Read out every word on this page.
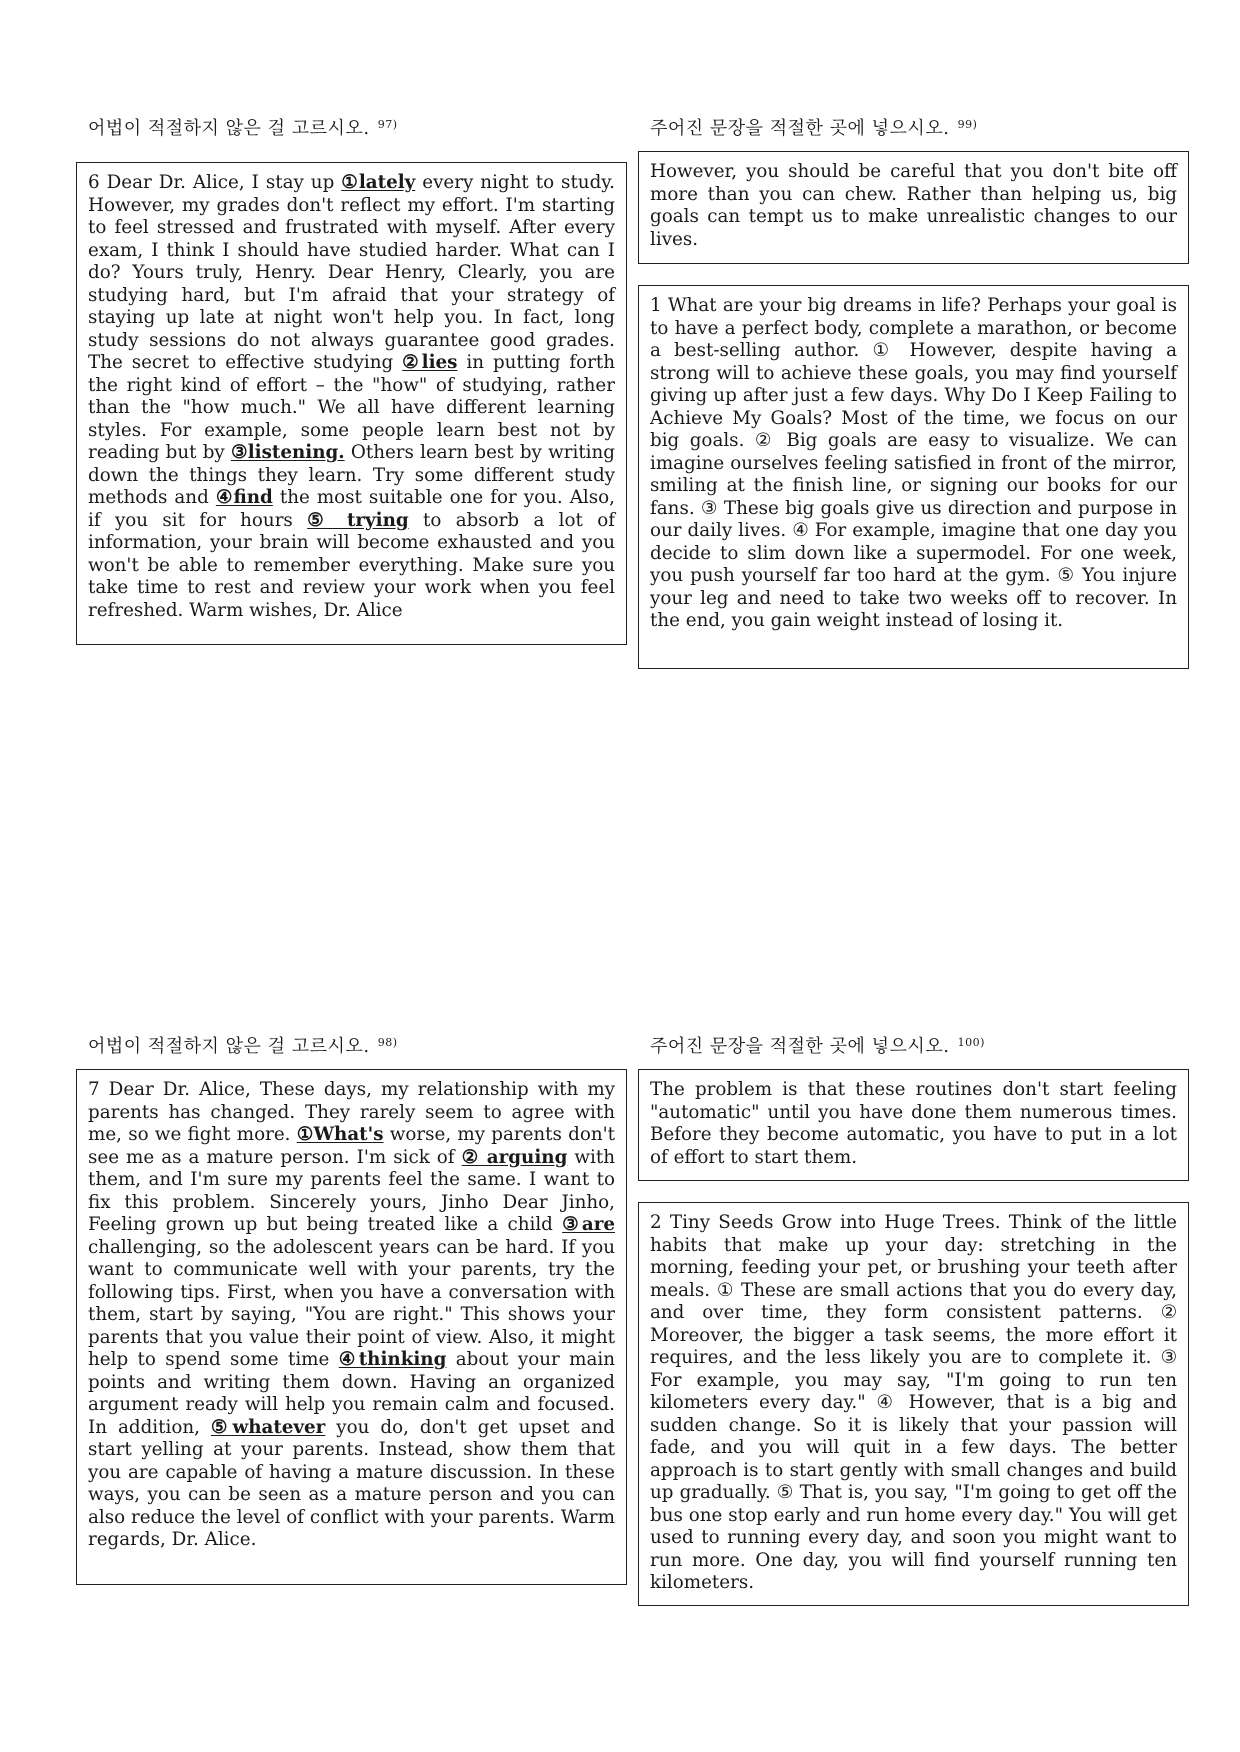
어법이 적절하지 않은 걸 고르시오. $^{97)}$
6 Dear Dr. Alice, I stay up ①lately every night to study. However, my grades don't reflect my effort. I'm starting to feel stressed and frustrated with myself. After every exam, I think I should have studied harder. What can I do? Yours truly, Henry. Dear Henry, Clearly, you are studying hard, but I'm afraid that your strategy of staying up late at night won't help you. In fact, long study sessions do not always guarantee good grades. The secret to effective studying ②lies in putting forth the right kind of effort – the "how" of studying, rather than the "how much." We all have different learning styles. For example, some people learn best not by reading but by ③listening. Others learn best by writing down the things they learn. Try some different study methods and ④find the most suitable one for you. Also, if you sit for hours ⑤ trying to absorb a lot of information, your brain will become exhausted and you won't be able to remember everything. Make sure you take time to rest and review your work when you feel refreshed. Warm wishes, Dr. Alice
주어진 문장을 적절한 곳에 넣으시오. $^{99)}$
However, you should be careful that you don't bite off more than you can chew. Rather than helping us, big goals can tempt us to make unrealistic changes to our lives.
1 What are your big dreams in life? Perhaps your goal is to have a perfect body, complete a marathon, or become a best-selling author. ① However, despite having a strong will to achieve these goals, you may find yourself giving up after just a few days. Why Do I Keep Failing to Achieve My Goals? Most of the time, we focus on our big goals. ② Big goals are easy to visualize. We can imagine ourselves feeling satisfied in front of the mirror, smiling at the finish line, or signing our books for our fans. ③ These big goals give us direction and purpose in our daily lives. ④ For example, imagine that one day you decide to slim down like a supermodel. For one week, you push yourself far too hard at the gym. ⑤ You injure your leg and need to take two weeks off to recover. In the end, you gain weight instead of losing it.
어법이 적절하지 않은 걸 고르시오. $^{98)}$
7 Dear Dr. Alice, These days, my relationship with my parents has changed. They rarely seem to agree with me, so we fight more. ①What's worse, my parents don't see me as a mature person. I'm sick of ② arguing with them, and I'm sure my parents feel the same. I want to fix this problem. Sincerely yours, Jinho Dear Jinho, Feeling grown up but being treated like a child ③are challenging, so the adolescent years can be hard. If you want to communicate well with your parents, try the following tips. First, when you have a conversation with them, start by saying, "You are right." This shows your parents that you value their point of view. Also, it might help to spend some time ④thinking about your main points and writing them down. Having an organized argument ready will help you remain calm and focused. In addition, ⑤whatever you do, don't get upset and start yelling at your parents. Instead, show them that you are capable of having a mature discussion. In these ways, you can be seen as a mature person and you can also reduce the level of conflict with your parents. Warm regards, Dr. Alice.
주어진 문장을 적절한 곳에 넣으시오. $^{100)}$
The problem is that these routines don't start feeling "automatic" until you have done them numerous times. Before they become automatic, you have to put in a lot of effort to start them.
2 Tiny Seeds Grow into Huge Trees. Think of the little habits that make up your day: stretching in the morning, feeding your pet, or brushing your teeth after meals. ① These are small actions that you do every day, and over time, they form consistent patterns. ② Moreover, the bigger a task seems, the more effort it requires, and the less likely you are to complete it. ③ For example, you may say, "I'm going to run ten kilometers every day." ④ However, that is a big and sudden change. So it is likely that your passion will fade, and you will quit in a few days. The better approach is to start gently with small changes and build up gradually. ⑤ That is, you say, "I'm going to get off the bus one stop early and run home every day." You will get used to running every day, and soon you might want to run more. One day, you will find yourself running ten kilometers.
